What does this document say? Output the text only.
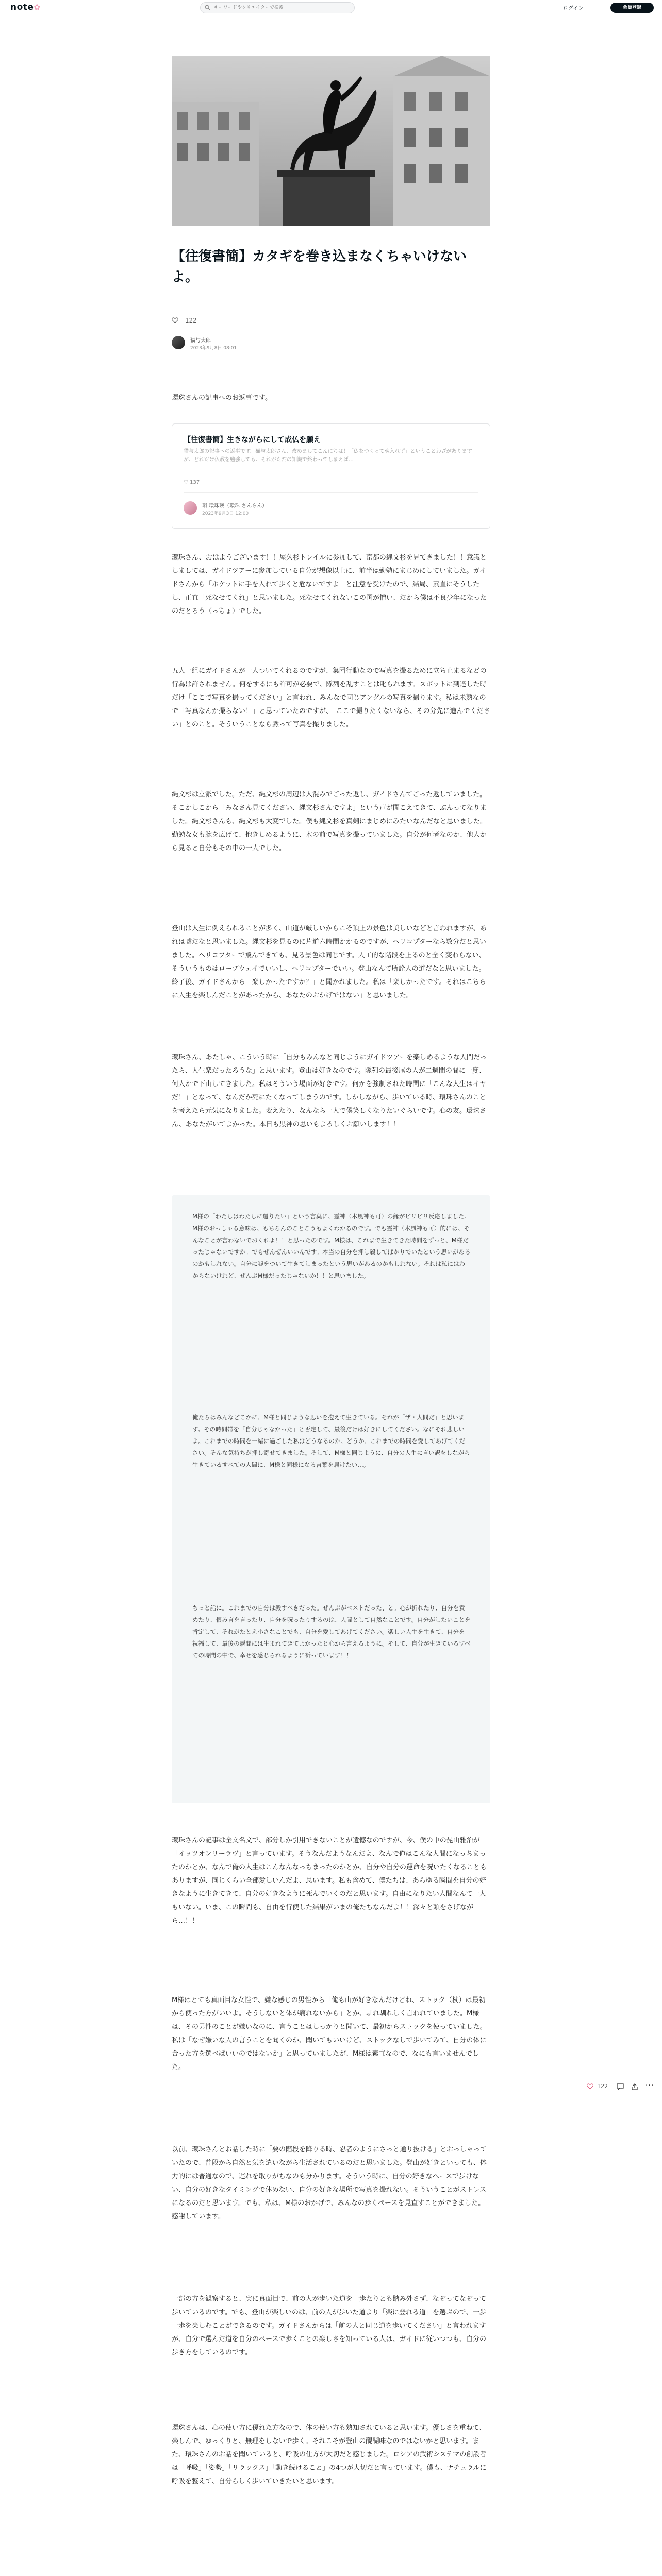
note✿
キーワードやクリエイターで検索	ログイン	会員登録
【往復書簡】カタギを巻き込まなくちゃいけないよ。
122
猫与太郎
2023年9月8日 08:01

環珠さんの記事へのお返事です。

【往復書簡】生きながらにして成仏を願え
猫与太郎の記事への返事です。猫与太郎さん、改めましてこんにちは！「仏をつくって魂入れず」ということわざがありますが、どれだけ仏教を勉強しても、それがただの知識で終わってしまえば…
♡ 137
環 環珠瑛（環珠 さんらん）
2023年9月3日 12:00

環珠さん、おはようございます！！屋久杉トレイルに参加して、京都の縄文杉を見てきました！！意識としましては、ガイドツアーに参加している自分が想像以上に、前半は勤勉にまじめにしていました。ガイドさんから「ポケットに手を入れて歩くと危ないですよ」と注意を受けたので、結局、素直にそうしたし、正直「死なせてくれ」と思いました。死なせてくれないこの国が憎い、だから僕は不良少年になったのだとろう（っちょ）でした。

五人一組にガイドさんが一人ついてくれるのですが、集団行動なので写真を撮るために立ち止まるなどの行為は許されません。何をするにも許可が必要で、隊列を乱すことは叱られます。スポットに到達した時だけ「ここで写真を撮ってください」と言われ、みんなで同じアングルの写真を撮ります。私は未熟なので「写真なんか撮らない！」と思っていたのですが、「ここで撮りたくないなら、その分先に進んでください」とのこと。そういうことなら黙って写真を撮りました。

縄文杉は立派でした。ただ、縄文杉の周辺は人混みでごった返し、ガイドさんてごった返していました。そこかしこから「みなさん見てください、縄文杉さんですよ」という声が聞こえてきて、ぶんってなりました。縄文杉さんも、縄文杉も大変でした。僕も縄文杉を真剣にまじめにみたいなんだなと思いました。勤勉な女も腕を広げて、抱きしめるように、木の前で写真を撮っていました。自分が何者なのか、他人から見ると自分もその中の一人でした。

登山は人生に例えられることが多く、山道が厳しいからこそ頂上の景色は美しいなどと言われますが、あれは嘘だなと思いました。縄文杉を見るのに片道六時間かかるのですが、ヘリコプターなら数分だと思いました。ヘリコプターで飛んできても、見る景色は同じです。人工的な階段を上るのと全く変わらない、そういうものはロープウェイでいいし、ヘリコプターでいい。登山なんて所詮人の道だなと思いました。終了後、ガイドさんから「楽しかったですか？」と聞かれました。私は「楽しかったです。それはこちらに人生を楽しんだことがあったから、あなたのおかげではない」と思いました。

環珠さん、あたしゃ、こういう時に「自分もみんなと同じようにガイドツアーを楽しめるような人間だったら、人生楽だったろうな」と思います。登山は好きなのです。隊列の最後尾の人が二週間の間に一度、何人かで下山してきました。私はそういう場面が好きです。何かを強制された時間に「こんな人生はイヤだ！」となって、なんだか死にたくなってしまうのです。しかしながら、歩いている時、環珠さんのことを考えたら元気になりました。変えたり、なんなら一人で僕笑しくなりたいぐらいです。心の友。環珠さん、あなたがいてよかった。本日も黒神の思いもよろしくお願いします！！

M様の「わたしはわたしに還りたい」という言葉に、霊神（木風神も可）の縁がビリビリ反応しました。M様のおっしゃる意味は、もちろんのことこうもよくわかるのです。でも霊神（木風神も可）的には、そんなことが言わないでおくれよ！！と思ったのです。M様は、これまで生きてきた時間をずっと、M様だったじゃないですか。でもぜんぜんいいんです。本当の自分を押し殺してばかりでいたという思いがあるのかもしれない。自分に嘘をついて生きてしまったという思いがあるのかもしれない。それは私にはわからないけれど、ぜんぶM様だったじゃないか！！と思いました。

俺たちはみんなどこかに、M様と同じような思いを抱えて生きている。それが「ザ・人間だ」と思います。その時間帯を「自分じゃなかった」と否定して、最後だけは好きにしてください。なにそれ悲しいよ。これまでの時間を一緒に過ごした私はどうなるのか。どうか、これまでの時間を愛してあげてください。そんな気持ちが押し寄せてきました。そして、M様と同じように、自分の人生に言い訳をしながら生きているすべての人間に、M様と同様になる言葉を届けたい…。

ちっと話に。これまでの自分は殺すべきだった。ぜんぶがベストだった、と。心が折れたり、自分を責めたり、恨み言を言ったり、自分を呪ったりするのは、人間として自然なことです。自分がしたいことを肯定して、それがたとえ小さなことでも、自分を愛してあげてください。楽しい人生を生きて、自分を祝福して、最後の瞬間には生まれてきてよかったと心から言えるように。そして、自分が生きているすべての時間の中で、幸せを感じられるように祈っています！！

環珠さんの記事は全文名文で、部分しか引用できないことが遺憾なのですが、今、僕の中の琵山雅治が「イッツオンリーラヴ」と言っています。そうなんだようなんだよ、なんで俺はこんな人間になっちまったのかとか、なんで俺の人生はこんなんなっちまったのかとか、自分や自分の運命を呪いたくなることもありますが、同じくらい全部愛しいんだよ、思います。私も含めて、僕たちは、あらゆる瞬間を自分の好きなように生きてきて、自分の好きなように死んでいくのだと思います。自由になりたい人間なんて一人もいない。いま、この瞬間も、自由を行使した結果がいまの俺たちなんだよ！！深々と頭をさげながら…！！

M様はとても真面目な女性で、嫌な感じの男性から「俺も山が好きなんだけどね、ストック（杖）は最初から使った方がいいよ。そうしないと体が痛れないから」とか、馴れ馴れしく言われていました。M様は、その男性のことが嫌いなのに、言うことはしっかりと聞いて、最初からストックを使っていました。私は「なぜ嫌いな人の言うことを聞くのか、聞いてもいいけど、ストックなしで歩いてみて、自分の体に合った方を選べばいいのではないか」と思っていましたが、M様は素直なので、なにも言いませんでした。

以前、環珠さんとお話した時に「要の階段を降りる時、忍者のようにさっと通り抜ける」とおっしゃっていたので、普段から自然と気を遣いながら生活されているのだと思いました。登山が好きといっても、体力的には普通なので、遅れを取りがちなのも分かります。そういう時に、自分の好きなペースで歩けない、自分の好きなタイミングで休めない、自分の好きな場所で写真を撮れない。そういうことがストレスになるのだと思います。でも、私は、M様のおかげで、みんなの歩くペースを見直すことができました。感謝しています。

一部の方を観察すると、実に真面目で、前の人が歩いた道を一歩たりとも踏み外さず、なぞってなぞって歩いているのです。でも、登山が楽しいのは、前の人が歩いた道より「楽に登れる道」を選ぶので、一歩一歩を楽しむことができるのです。ガイドさんからは「前の人と同じ道を歩いてください」と言われますが、自分で選んだ道を自分のペースで歩くことの楽しさを知っている人は、ガイドに従いつつも、自分の歩き方をしているのです。

環珠さんは、心の使い方に優れた方なので、体の使い方も熟知されていると思います。優しさを重ねて、楽しんで、ゆっくりと、無理をしないで歩く。それこそが登山の醍醐味なのではないかと思います。また、環珠さんのお話を聞いていると、呼吸の仕方が大切だと感じました。ロシアの武術システマの創設者は「呼吸」「姿勢」「リラックス」「動き続けること」の4つが大切だと言っています。僕も、ナチュラルに呼吸を整えて、自分らしく歩いていきたいと思います。

122	···
